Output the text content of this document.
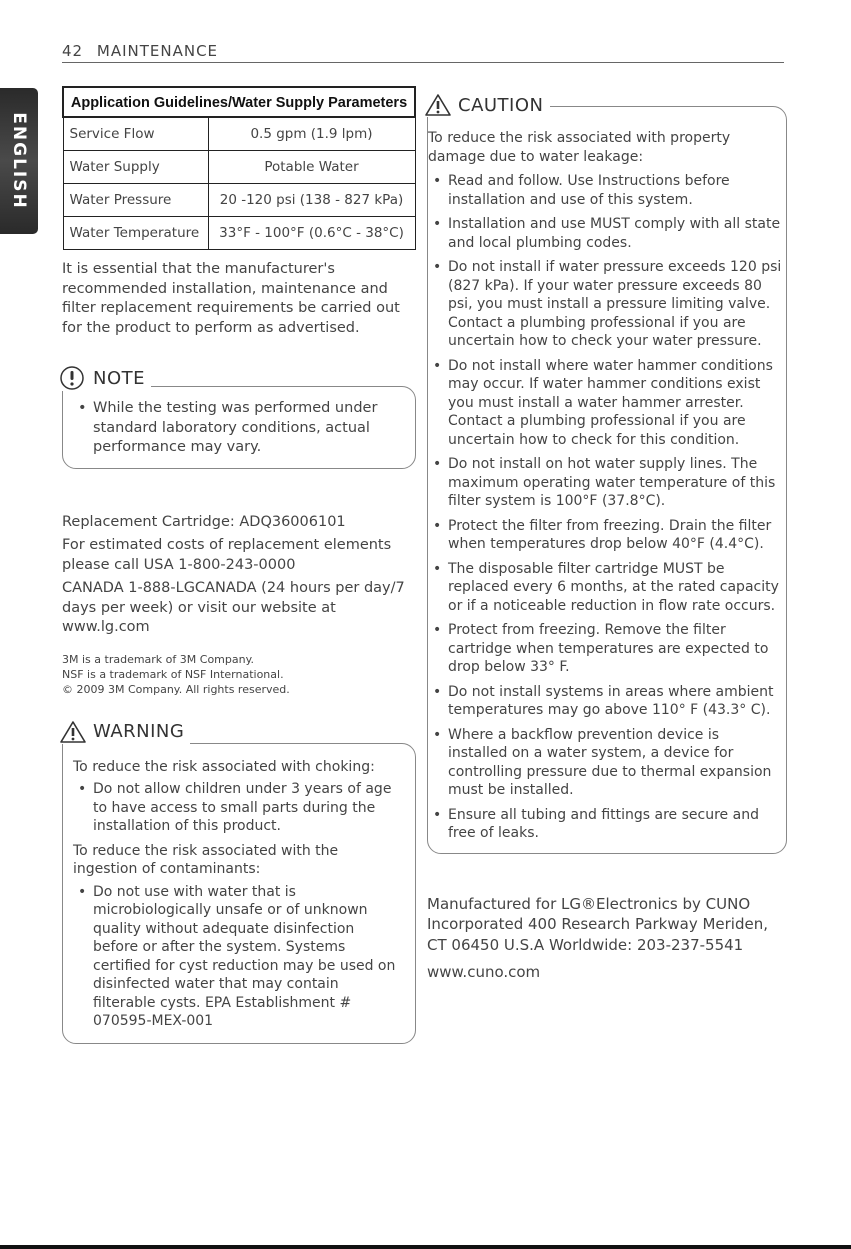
42 MAINTENANCE
ENGLISH
Application Guidelines/Water Supply Parameters	
Service Flow	0.5 gpm (1.9 lpm)
Water Supply	Potable Water
Water Pressure	20 -120 psi (138 - 827 kPa)
Water Temperature	33°F - 100°F (0.6°C - 38°C)

It is essential that the manufacturer's recommended installation, maintenance and filter replacement requirements be carried out for the product to perform as advertised.

NOTE
• While the testing was performed under standard laboratory conditions, actual performance may vary.

Replacement Cartridge: ADQ36006101

For estimated costs of replacement elements please call USA 1-800-243-0000

CANADA 1-888-LGCANADA (24 hours per day/7 days per week) or visit our website at www.lg.com

3M is a trademark of 3M Company.
NSF is a trademark of NSF International.
© 2009 3M Company. All rights reserved.
WARNING

To reduce the risk associated with choking:

• Do not allow children under 3 years of age to have access to small parts during the installation of this product.

To reduce the risk associated with the ingestion of contaminants:

• Do not use with water that is microbiologically unsafe or of unknown quality without adequate disinfection before or after the system. Systems certified for cyst reduction may be used on disinfected water that may contain filterable cysts. EPA Establishment # 070595-MEX-001
CAUTION

To reduce the risk associated with property damage due to water leakage:

• Read and follow. Use Instructions before installation and use of this system.
• Installation and use MUST comply with all state and local plumbing codes.
• Do not install if water pressure exceeds 120 psi (827 kPa). If your water pressure exceeds 80 psi, you must install a pressure limiting valve. Contact a plumbing professional if you are uncertain how to check your water pressure.
• Do not install where water hammer conditions may occur. If water hammer conditions exist you must install a water hammer arrester. Contact a plumbing professional if you are uncertain how to check for this condition.
• Do not install on hot water supply lines. The maximum operating water temperature of this filter system is 100°F (37.8°C).
• Protect the filter from freezing. Drain the filter when temperatures drop below 40°F (4.4°C).
• The disposable filter cartridge MUST be replaced every 6 months, at the rated capacity or if a noticeable reduction in flow rate occurs.
• Protect from freezing. Remove the filter cartridge when temperatures are expected to drop below 33° F.
• Do not install systems in areas where ambient temperatures may go above 110° F (43.3° C).
• Where a backflow prevention device is installed on a water system, a device for controlling pressure due to thermal expansion must be installed.
• Ensure all tubing and fittings are secure and free of leaks.

Manufactured for LG®Electronics by CUNO Incorporated 400 Research Parkway Meriden, CT 06450 U.S.A Worldwide: 203-237-5541

www.cuno.com
